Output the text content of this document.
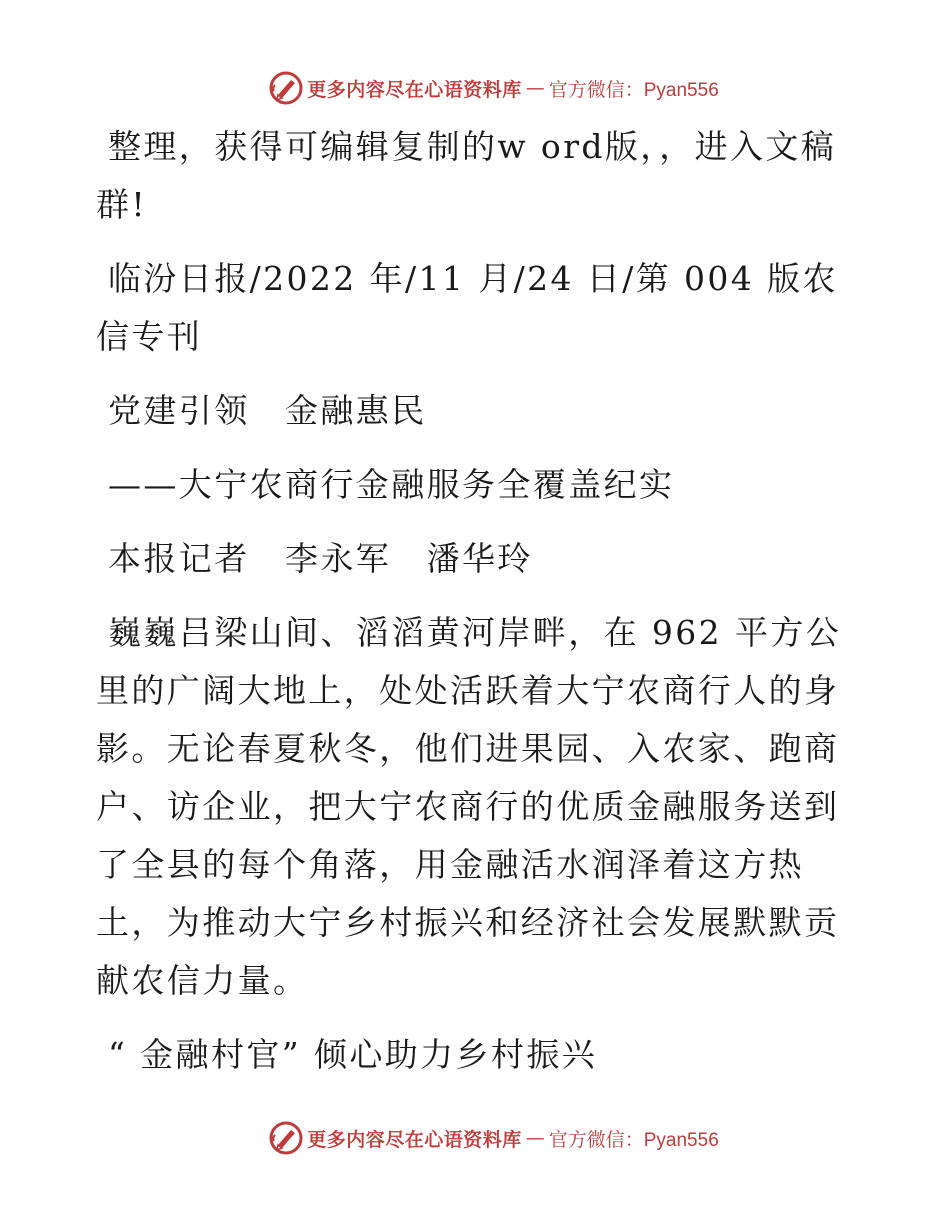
更多内容尽在心语资料库 — 官方微信：Pyan556

整理，获得可编辑复制的w ord版，，进入文稿群!

临汾日报/2022 年/11 月/24 日/第 004 版农信专刊

党建引领　金融惠民

——大宁农商行金融服务全覆盖纪实

本报记者　李永军　潘华玲

巍巍吕梁山间、滔滔黄河岸畔，在 962 平方公里的广阔大地上，处处活跃着大宁农商行人的身影。无论春夏秋冬，他们进果园、入农家、跑商户、访企业，把大宁农商行的优质金融服务送到了全县的每个角落，用金融活水润泽着这方热土，为推动大宁乡村振兴和经济社会发展默默贡献农信力量。

“ 金融村官” 倾心助力乡村振兴

更多内容尽在心语资料库 — 官方微信：Pyan556
